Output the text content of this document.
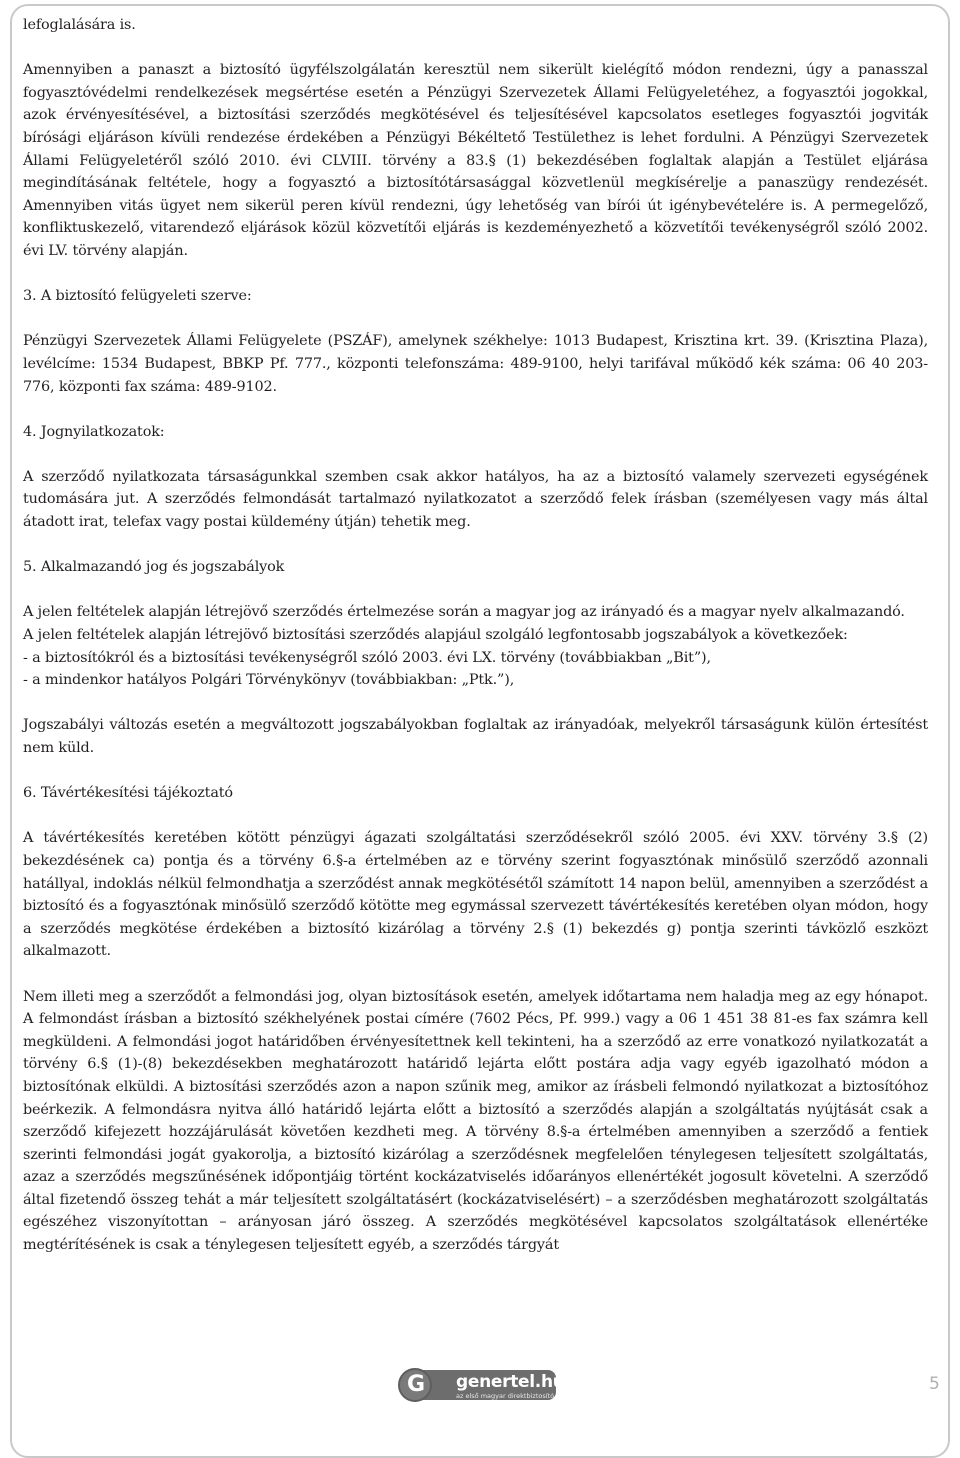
lefoglalására is.

Amennyiben a panaszt a biztosító ügyfélszolgálatán keresztül nem sikerült kielégítő módon rendezni, úgy a panasszal fogyasztóvédelmi rendelkezések megsértése esetén a Pénzügyi Szervezetek Állami Felügyeletéhez, a fogyasztói jogokkal, azok érvényesítésével, a biztosítási szerződés megkötésével és teljesítésével kapcsolatos esetleges fogyasztói jogviták bírósági eljáráson kívüli rendezése érdekében a Pénzügyi Békéltető Testülethez is lehet fordulni. A Pénzügyi Szervezetek Állami Felügyeletéről szóló 2010. évi CLVIII. törvény a 83.§ (1) bekezdésében foglaltak alapján a Testület eljárása megindításának feltétele, hogy a fogyasztó a biztosítótársasággal közvetlenül megkísérelje a panaszügy rendezését. Amennyiben vitás ügyet nem sikerül peren kívül rendezni, úgy lehetőség van bírói út igénybevételére is. A permegelőző, konfliktuskezelő, vitarendező eljárások közül közvetítői eljárás is kezdeményezhető a közvetítői tevékenységről szóló 2002. évi LV. törvény alapján.

3. A biztosító felügyeleti szerve:

Pénzügyi Szervezetek Állami Felügyelete (PSZÁF), amelynek székhelye: 1013 Budapest, Krisztina krt. 39. (Krisztina Plaza), levélcíme: 1534 Budapest, BBKP Pf. 777., központi telefonszáma: 489-9100, helyi tarifával működő kék száma: 06 40 203-776, központi fax száma: 489-9102.

4. Jognyilatkozatok:

A szerződő nyilatkozata társaságunkkal szemben csak akkor hatályos, ha az a biztosító valamely szervezeti egységének tudomására jut. A szerződés felmondását tartalmazó nyilatkozatot a szerződő felek írásban (személyesen vagy más által átadott irat, telefax vagy postai küldemény útján) tehetik meg.

5. Alkalmazandó jog és jogszabályok

A jelen feltételek alapján létrejövő szerződés értelmezése során a magyar jog az irányadó és a magyar nyelv alkalmazandó.

A jelen feltételek alapján létrejövő biztosítási szerződés alapjául szolgáló legfontosabb jogszabályok a következőek:

- a biztosítókról és a biztosítási tevékenységről szóló 2003. évi LX. törvény (továbbiakban „Bit”),

- a mindenkor hatályos Polgári Törvénykönyv (továbbiakban: „Ptk.”),

Jogszabályi változás esetén a megváltozott jogszabályokban foglaltak az irányadóak, melyekről társaságunk külön értesítést nem küld.

6. Távértékesítési tájékoztató

A távértékesítés keretében kötött pénzügyi ágazati szolgáltatási szerződésekről szóló 2005. évi XXV. törvény 3.§ (2) bekezdésének ca) pontja és a törvény 6.§-a értelmében az e törvény szerint fogyasztónak minősülő szerződő azonnali hatállyal, indoklás nélkül felmondhatja a szerződést annak megkötésétől számított 14 napon belül, amennyiben a szerződést a biztosító és a fogyasztónak minősülő szerződő kötötte meg egymással szervezett távértékesítés keretében olyan módon, hogy a szerződés megkötése érdekében a biztosító kizárólag a törvény 2.§ (1) bekezdés g) pontja szerinti távközlő eszközt alkalmazott.

Nem illeti meg a szerződőt a felmondási jog, olyan biztosítások esetén, amelyek időtartama nem haladja meg az egy hónapot. A felmondást írásban a biztosító székhelyének postai címére (7602 Pécs, Pf. 999.) vagy a 06 1 451 38 81-es fax számra kell megküldeni. A felmondási jogot határidőben érvényesítettnek kell tekinteni, ha a szerződő az erre vonatkozó nyilatkozatát a törvény 6.§ (1)-(8) bekezdésekben meghatározott határidő lejárta előtt postára adja vagy egyéb igazolható módon a biztosítónak elküldi. A biztosítási szerződés azon a napon szűnik meg, amikor az írásbeli felmondó nyilatkozat a biztosítóhoz beérkezik. A felmondásra nyitva álló határidő lejárta előtt a biztosító a szerződés alapján a szolgáltatás nyújtását csak a szerződő kifejezett hozzájárulását követően kezdheti meg. A törvény 8.§-a értelmében amennyiben a szerződő a fentiek szerinti felmondási jogát gyakorolja, a biztosító kizárólag a szerződésnek megfelelően ténylegesen teljesített szolgáltatás, azaz a szerződés megszűnésének időpontjáig történt kockázatviselés időarányos ellenértékét jogosult követelni. A szerződő által fizetendő összeg tehát a már teljesített szolgáltatásért (kockázatviselésért) – a szerződésben meghatározott szolgáltatás egészéhez viszonyítottan – arányosan járó összeg. A szerződés megkötésével kapcsolatos szolgáltatások ellenértéke megtérítésének is csak a ténylegesen teljesített egyéb, a szerződés tárgyát

genertel.hu
az első magyar direktbiztosító
G	5
